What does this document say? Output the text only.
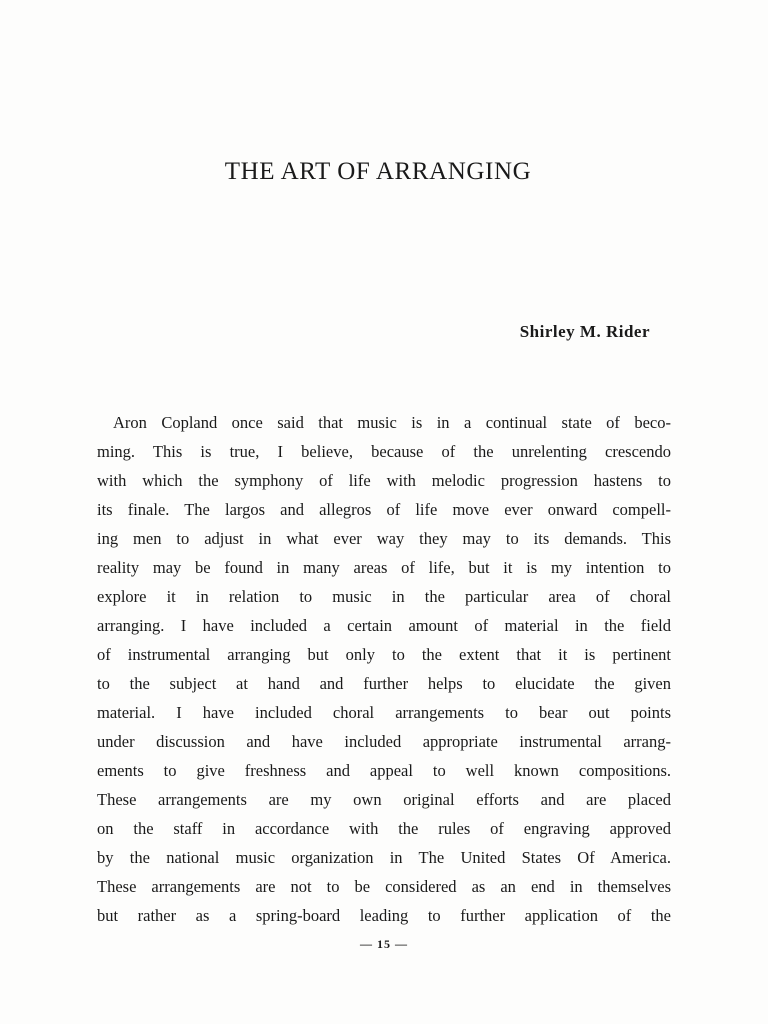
THE ART OF ARRANGING
Shirley M. Rider
Aron Copland once said that music is in a continual state of beco-
ming. This is true, I believe, because of the unrelenting crescendo
with which the symphony of life with melodic progression hastens to
its finale. The largos and allegros of life move ever onward compell-
ing men to adjust in what ever way they may to its demands. This
reality may be found in many areas of life, but it is my intention to
explore it in relation to music in the particular area of choral
arranging. I have included a certain amount of material in the field
of instrumental arranging but only to the extent that it is pertinent
to the subject at hand and further helps to elucidate the given
material. I have included choral arrangements to bear out points
under discussion and have included appropriate instrumental arrang-
ements to give freshness and appeal to well known compositions.
These arrangements are my own original efforts and are placed
on the staff in accordance with the rules of engraving approved
by the national music organization in The United States Of America.
These arrangements are not to be considered as an end in themselves
but rather as a spring-board leading to further application of the
— 15 —
